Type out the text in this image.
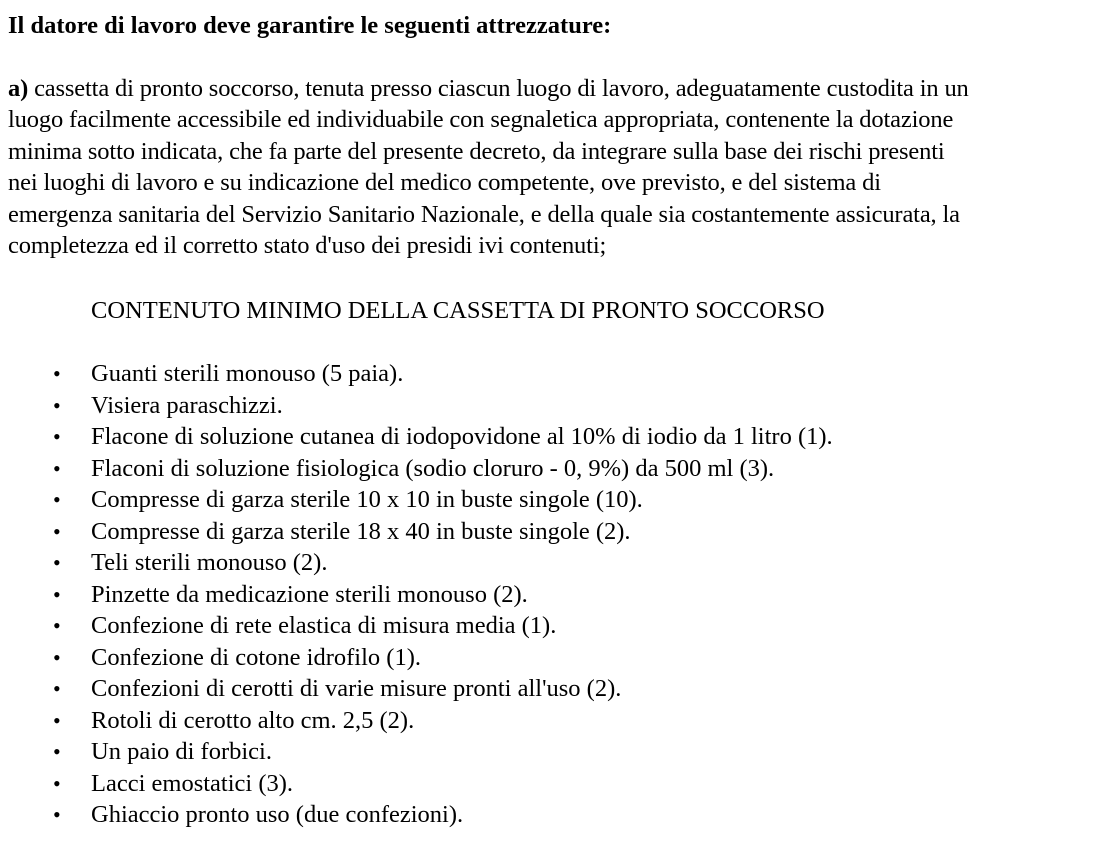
Il datore di lavoro deve garantire le seguenti attrezzature:

a) cassetta di pronto soccorso, tenuta presso ciascun luogo di lavoro, adeguatamente custodita in un
luogo facilmente accessibile ed individuabile con segnaletica appropriata, contenente la dotazione
minima sotto indicata, che fa parte del presente decreto, da integrare sulla base dei rischi presenti
nei luoghi di lavoro e su indicazione del medico competente, ove previsto, e del sistema di
emergenza sanitaria del Servizio Sanitario Nazionale, e della quale sia costantemente assicurata, la
completezza ed il corretto stato d'uso dei presidi ivi contenuti;

CONTENUTO MINIMO DELLA CASSETTA DI PRONTO SOCCORSO
• Guanti sterili monouso (5 paia).
• Visiera paraschizzi.
• Flacone di soluzione cutanea di iodopovidone al 10% di iodio da 1 litro (1).
• Flaconi di soluzione fisiologica (sodio cloruro - 0, 9%) da 500 ml (3).
• Compresse di garza sterile 10 x 10 in buste singole (10).
• Compresse di garza sterile 18 x 40 in buste singole (2).
• Teli sterili monouso (2).
• Pinzette da medicazione sterili monouso (2).
• Confezione di rete elastica di misura media (1).
• Confezione di cotone idrofilo (1).
• Confezioni di cerotti di varie misure pronti all'uso (2).
• Rotoli di cerotto alto cm. 2,5 (2).
• Un paio di forbici.
• Lacci emostatici (3).
• Ghiaccio pronto uso (due confezioni).
